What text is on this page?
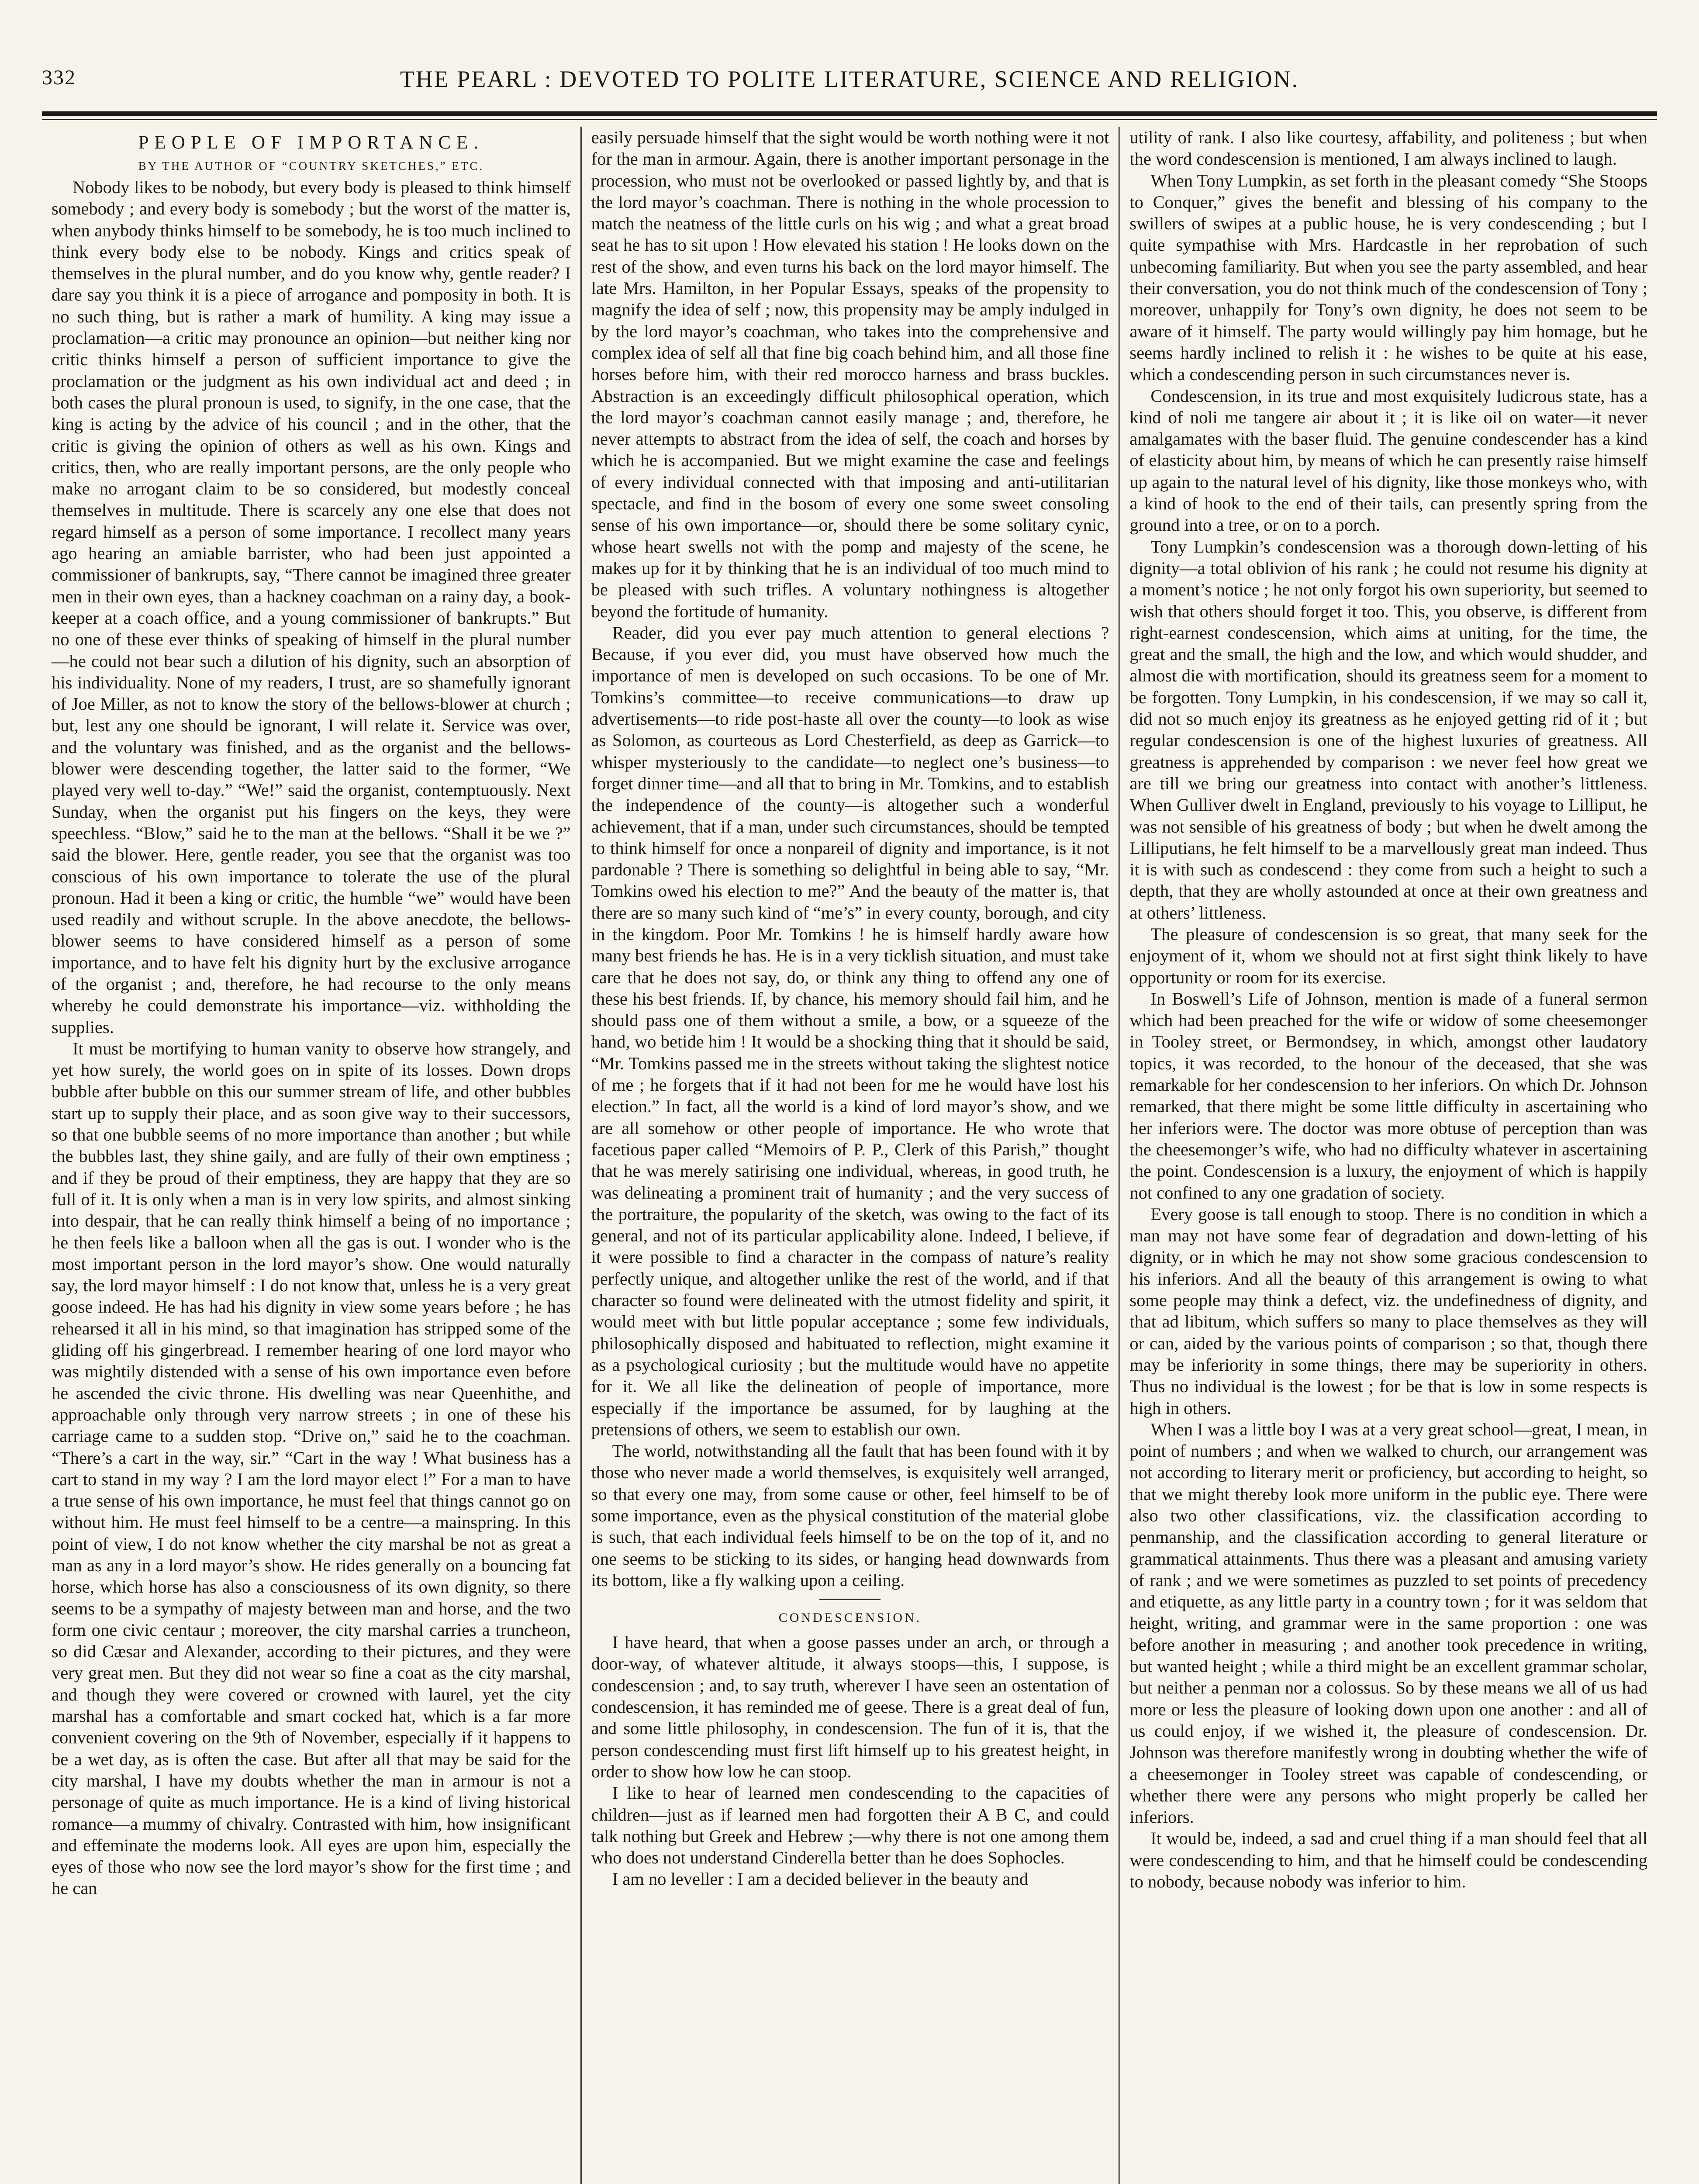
332	THE PEARL : DEVOTED TO POLITE LITERATURE, SCIENCE AND RELIGION.
PEOPLE OF IMPORTANCE.
BY THE AUTHOR OF “COUNTRY SKETCHES,” ETC.

Nobody likes to be nobody, but every body is pleased to think himself somebody ; and every body is somebody ; but the worst of the matter is, when anybody thinks himself to be somebody, he is too much inclined to think every body else to be nobody. Kings and critics speak of themselves in the plural number, and do you know why, gentle reader? I dare say you think it is a piece of arrogance and pomposity in both. It is no such thing, but is rather a mark of humility. A king may issue a proclamation—a critic may pronounce an opinion—but neither king nor critic thinks himself a person of sufficient importance to give the proclamation or the judgment as his own individual act and deed ; in both cases the plural pronoun is used, to signify, in the one case, that the king is acting by the advice of his council ; and in the other, that the critic is giving the opinion of others as well as his own. Kings and critics, then, who are really important persons, are the only people who make no arrogant claim to be so considered, but modestly conceal themselves in multitude. There is scarcely any one else that does not regard himself as a person of some importance. I recollect many years ago hearing an amiable barrister, who had been just appointed a commissioner of bankrupts, say, “There cannot be imagined three greater men in their own eyes, than a hackney coachman on a rainy day, a book-keeper at a coach office, and a young commissioner of bankrupts.” But no one of these ever thinks of speaking of himself in the plural number—he could not bear such a dilution of his dignity, such an absorption of his individuality. None of my readers, I trust, are so shamefully ignorant of Joe Miller, as not to know the story of the bellows-blower at church ; but, lest any one should be ignorant, I will relate it. Service was over, and the voluntary was finished, and as the organist and the bellows-blower were descending together, the latter said to the former, “We played very well to-day.” “We!” said the organist, contemptuously. Next Sunday, when the organist put his fingers on the keys, they were speechless. “Blow,” said he to the man at the bellows. “Shall it be we ?” said the blower. Here, gentle reader, you see that the organist was too conscious of his own importance to tolerate the use of the plural pronoun. Had it been a king or critic, the humble “we” would have been used readily and without scruple. In the above anecdote, the bellows-blower seems to have considered himself as a person of some importance, and to have felt his dignity hurt by the exclusive arrogance of the organist ; and, therefore, he had recourse to the only means whereby he could demonstrate his importance—viz. withholding the supplies.

It must be mortifying to human vanity to observe how strangely, and yet how surely, the world goes on in spite of its losses. Down drops bubble after bubble on this our summer stream of life, and other bubbles start up to supply their place, and as soon give way to their successors, so that one bubble seems of no more importance than another ; but while the bubbles last, they shine gaily, and are fully of their own emptiness ; and if they be proud of their emptiness, they are happy that they are so full of it. It is only when a man is in very low spirits, and almost sinking into despair, that he can really think himself a being of no importance ; he then feels like a balloon when all the gas is out. I wonder who is the most important person in the lord mayor’s show. One would naturally say, the lord mayor himself : I do not know that, unless he is a very great goose indeed. He has had his dignity in view some years before ; he has rehearsed it all in his mind, so that imagination has stripped some of the gliding off his gingerbread. I remember hearing of one lord mayor who was mightily distended with a sense of his own importance even before he ascended the civic throne. His dwelling was near Queenhithe, and approachable only through very narrow streets ; in one of these his carriage came to a sudden stop. “Drive on,” said he to the coachman. “There’s a cart in the way, sir.” “Cart in the way ! What business has a cart to stand in my way ? I am the lord mayor elect !” For a man to have a true sense of his own importance, he must feel that things cannot go on without him. He must feel himself to be a centre—a mainspring. In this point of view, I do not know whether the city marshal be not as great a man as any in a lord mayor’s show. He rides generally on a bouncing fat horse, which horse has also a consciousness of its own dignity, so there seems to be a sympathy of majesty between man and horse, and the two form one civic centaur ; moreover, the city marshal carries a truncheon, so did Cæsar and Alexander, according to their pictures, and they were very great men. But they did not wear so fine a coat as the city marshal, and though they were covered or crowned with laurel, yet the city marshal has a comfortable and smart cocked hat, which is a far more convenient covering on the 9th of November, especially if it happens to be a wet day, as is often the case. But after all that may be said for the city marshal, I have my doubts whether the man in armour is not a personage of quite as much importance. He is a kind of living historical romance—a mummy of chivalry. Contrasted with him, how insignificant and effeminate the moderns look. All eyes are upon him, especially the eyes of those who now see the lord mayor’s show for the first time ; and he can

easily persuade himself that the sight would be worth nothing were it not for the man in armour. Again, there is another important personage in the procession, who must not be overlooked or passed lightly by, and that is the lord mayor’s coachman. There is nothing in the whole procession to match the neatness of the little curls on his wig ; and what a great broad seat he has to sit upon ! How elevated his station ! He looks down on the rest of the show, and even turns his back on the lord mayor himself. The late Mrs. Hamilton, in her Popular Essays, speaks of the propensity to magnify the idea of self ; now, this propensity may be amply indulged in by the lord mayor’s coachman, who takes into the comprehensive and complex idea of self all that fine big coach behind him, and all those fine horses before him, with their red morocco harness and brass buckles. Abstraction is an exceedingly difficult philosophical operation, which the lord mayor’s coachman cannot easily manage ; and, therefore, he never attempts to abstract from the idea of self, the coach and horses by which he is accompanied. But we might examine the case and feelings of every individual connected with that imposing and anti-utilitarian spectacle, and find in the bosom of every one some sweet consoling sense of his own importance—or, should there be some solitary cynic, whose heart swells not with the pomp and majesty of the scene, he makes up for it by thinking that he is an individual of too much mind to be pleased with such trifles. A voluntary nothingness is altogether beyond the fortitude of humanity.

Reader, did you ever pay much attention to general elections ? Because, if you ever did, you must have observed how much the importance of men is developed on such occasions. To be one of Mr. Tomkins’s committee—to receive communications—to draw up advertisements—to ride post-haste all over the county—to look as wise as Solomon, as courteous as Lord Chesterfield, as deep as Garrick—to whisper mysteriously to the candidate—to neglect one’s business—to forget dinner time—and all that to bring in Mr. Tomkins, and to establish the independence of the county—is altogether such a wonderful achievement, that if a man, under such circumstances, should be tempted to think himself for once a nonpareil of dignity and importance, is it not pardonable ? There is something so delightful in being able to say, “Mr. Tomkins owed his election to me?” And the beauty of the matter is, that there are so many such kind of “me’s” in every county, borough, and city in the kingdom. Poor Mr. Tomkins ! he is himself hardly aware how many best friends he has. He is in a very ticklish situation, and must take care that he does not say, do, or think any thing to offend any one of these his best friends. If, by chance, his memory should fail him, and he should pass one of them without a smile, a bow, or a squeeze of the hand, wo betide him ! It would be a shocking thing that it should be said, “Mr. Tomkins passed me in the streets without taking the slightest notice of me ; he forgets that if it had not been for me he would have lost his election.” In fact, all the world is a kind of lord mayor’s show, and we are all somehow or other people of importance. He who wrote that facetious paper called “Memoirs of P. P., Clerk of this Parish,” thought that he was merely satirising one individual, whereas, in good truth, he was delineating a prominent trait of humanity ; and the very success of the portraiture, the popularity of the sketch, was owing to the fact of its general, and not of its particular applicability alone. Indeed, I believe, if it were possible to find a character in the compass of nature’s reality perfectly unique, and altogether unlike the rest of the world, and if that character so found were delineated with the utmost fidelity and spirit, it would meet with but little popular acceptance ; some few individuals, philosophically disposed and habituated to reflection, might examine it as a psychological curiosity ; but the multitude would have no appetite for it. We all like the delineation of people of importance, more especially if the importance be assumed, for by laughing at the pretensions of others, we seem to establish our own.

The world, notwithstanding all the fault that has been found with it by those who never made a world themselves, is exquisitely well arranged, so that every one may, from some cause or other, feel himself to be of some importance, even as the physical constitution of the material globe is such, that each individual feels himself to be on the top of it, and no one seems to be sticking to its sides, or hanging head downwards from its bottom, like a fly walking upon a ceiling.

CONDESCENSION.

I have heard, that when a goose passes under an arch, or through a door-way, of whatever altitude, it always stoops—this, I suppose, is condescension ; and, to say truth, wherever I have seen an ostentation of condescension, it has reminded me of geese. There is a great deal of fun, and some little philosophy, in condescension. The fun of it is, that the person condescending must first lift himself up to his greatest height, in order to show how low he can stoop.

I like to hear of learned men condescending to the capacities of children—just as if learned men had forgotten their A B C, and could talk nothing but Greek and Hebrew ;—why there is not one among them who does not understand Cinderella better than he does Sophocles.

I am no leveller : I am a decided believer in the beauty and

utility of rank. I also like courtesy, affability, and politeness ; but when the word condescension is mentioned, I am always inclined to laugh.

When Tony Lumpkin, as set forth in the pleasant comedy “She Stoops to Conquer,” gives the benefit and blessing of his company to the swillers of swipes at a public house, he is very condescending ; but I quite sympathise with Mrs. Hardcastle in her reprobation of such unbecoming familiarity. But when you see the party assembled, and hear their conversation, you do not think much of the condescension of Tony ; moreover, unhappily for Tony’s own dignity, he does not seem to be aware of it himself. The party would willingly pay him homage, but he seems hardly inclined to relish it : he wishes to be quite at his ease, which a condescending person in such circumstances never is.

Condescension, in its true and most exquisitely ludicrous state, has a kind of noli me tangere air about it ; it is like oil on water—it never amalgamates with the baser fluid. The genuine condescender has a kind of elasticity about him, by means of which he can presently raise himself up again to the natural level of his dignity, like those monkeys who, with a kind of hook to the end of their tails, can presently spring from the ground into a tree, or on to a porch.

Tony Lumpkin’s condescension was a thorough down-letting of his dignity—a total oblivion of his rank ; he could not resume his dignity at a moment’s notice ; he not only forgot his own superiority, but seemed to wish that others should forget it too. This, you observe, is different from right-earnest condescension, which aims at uniting, for the time, the great and the small, the high and the low, and which would shudder, and almost die with mortification, should its greatness seem for a moment to be forgotten. Tony Lumpkin, in his condescension, if we may so call it, did not so much enjoy its greatness as he enjoyed getting rid of it ; but regular condescension is one of the highest luxuries of greatness. All greatness is apprehended by comparison : we never feel how great we are till we bring our greatness into contact with another’s littleness. When Gulliver dwelt in England, previously to his voyage to Lilliput, he was not sensible of his greatness of body ; but when he dwelt among the Lilliputians, he felt himself to be a marvellously great man indeed. Thus it is with such as condescend : they come from such a height to such a depth, that they are wholly astounded at once at their own greatness and at others’ littleness.

The pleasure of condescension is so great, that many seek for the enjoyment of it, whom we should not at first sight think likely to have opportunity or room for its exercise.

In Boswell’s Life of Johnson, mention is made of a funeral sermon which had been preached for the wife or widow of some cheesemonger in Tooley street, or Bermondsey, in which, amongst other laudatory topics, it was recorded, to the honour of the deceased, that she was remarkable for her condescension to her inferiors. On which Dr. Johnson remarked, that there might be some little difficulty in ascertaining who her inferiors were. The doctor was more obtuse of perception than was the cheesemonger’s wife, who had no difficulty whatever in ascertaining the point. Condescension is a luxury, the enjoyment of which is happily not confined to any one gradation of society.

Every goose is tall enough to stoop. There is no condition in which a man may not have some fear of degradation and down-letting of his dignity, or in which he may not show some gracious condescension to his inferiors. And all the beauty of this arrangement is owing to what some people may think a defect, viz. the undefinedness of dignity, and that ad libitum, which suffers so many to place themselves as they will or can, aided by the various points of comparison ; so that, though there may be inferiority in some things, there may be superiority in others. Thus no individual is the lowest ; for be that is low in some respects is high in others.

When I was a little boy I was at a very great school—great, I mean, in point of numbers ; and when we walked to church, our arrangement was not according to literary merit or proficiency, but according to height, so that we might thereby look more uniform in the public eye. There were also two other classifications, viz. the classification according to penmanship, and the classification according to general literature or grammatical attainments. Thus there was a pleasant and amusing variety of rank ; and we were sometimes as puzzled to set points of precedency and etiquette, as any little party in a country town ; for it was seldom that height, writing, and grammar were in the same proportion : one was before another in measuring ; and another took precedence in writing, but wanted height ; while a third might be an excellent grammar scholar, but neither a penman nor a colossus. So by these means we all of us had more or less the pleasure of looking down upon one another : and all of us could enjoy, if we wished it, the pleasure of condescension. Dr. Johnson was therefore manifestly wrong in doubting whether the wife of a cheesemonger in Tooley street was capable of condescending, or whether there were any persons who might properly be called her inferiors.

It would be, indeed, a sad and cruel thing if a man should feel that all were condescending to him, and that he himself could be condescending to nobody, because nobody was inferior to him.
